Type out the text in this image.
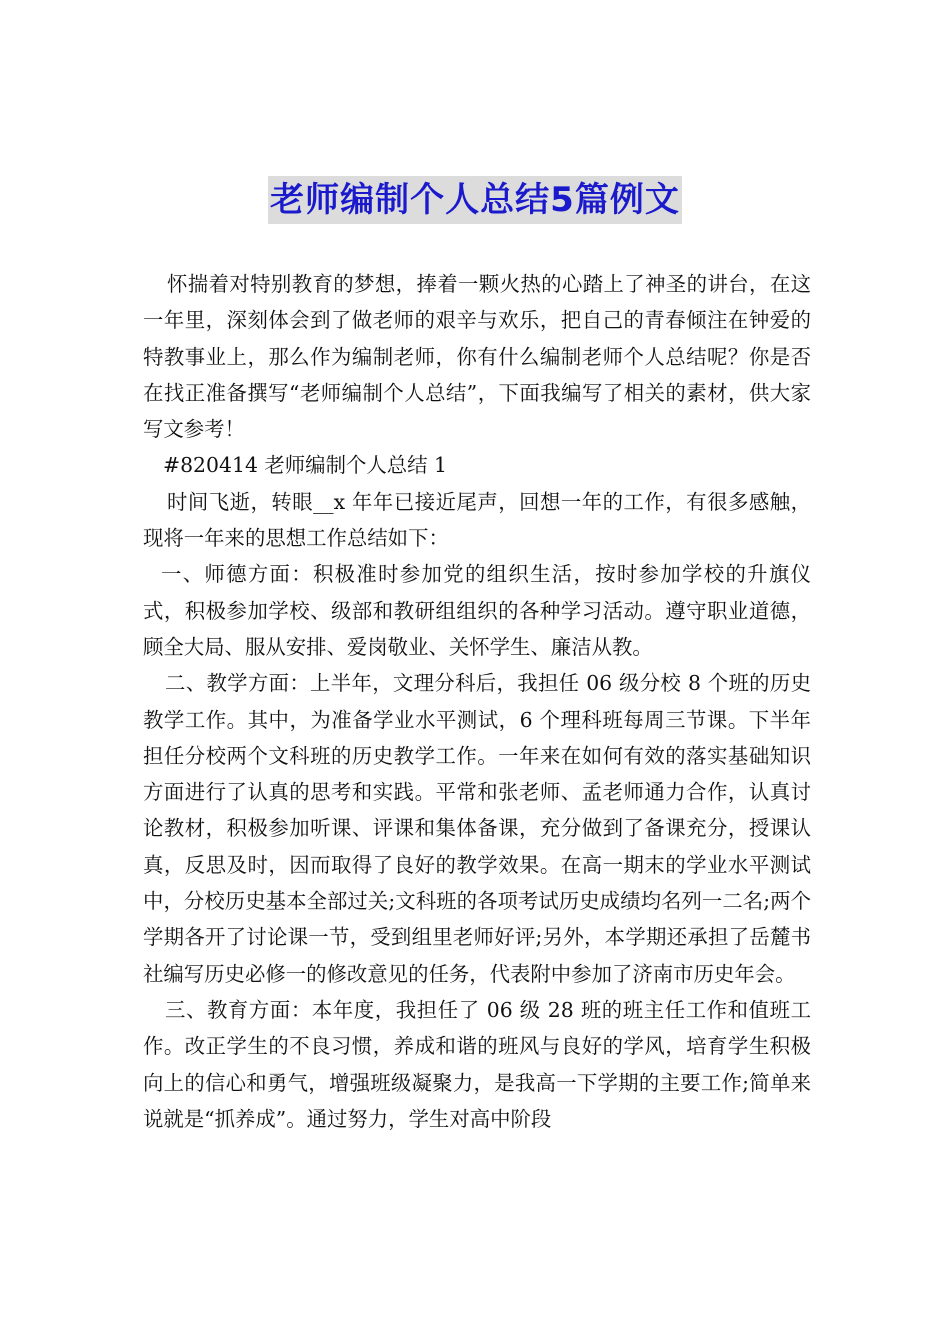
老师编制个人总结5篇例文

怀揣着对特别教育的梦想，捧着一颗火热的心踏上了神圣的讲台，在这一年里，深刻体会到了做老师的艰辛与欢乐，把自己的青春倾注在钟爱的特教事业上，那么作为编制老师，你有什么编制老师个人总结呢？你是否在找正准备撰写“老师编制个人总结”，下面我编写了相关的素材，供大家写文参考！

#820414 老师编制个人总结 1

时间飞逝，转眼__x 年年已接近尾声，回想一年的工作，有很多感触，现将一年来的思想工作总结如下：

一、师德方面：积极准时参加党的组织生活，按时参加学校的升旗仪式，积极参加学校、级部和教研组组织的各种学习活动。遵守职业道德，顾全大局、服从安排、爱岗敬业、关怀学生、廉洁从教。

二、教学方面：上半年，文理分科后，我担任 06 级分校 8 个班的历史教学工作。其中，为准备学业水平测试，6 个理科班每周三节课。下半年担任分校两个文科班的历史教学工作。一年来在如何有效的落实基础知识方面进行了认真的思考和实践。平常和张老师、孟老师通力合作，认真讨论教材，积极参加听课、评课和集体备课，充分做到了备课充分，授课认真，反思及时，因而取得了良好的教学效果。在高一期末的学业水平测试中，分校历史基本全部过关;文科班的各项考试历史成绩均名列一二名;两个学期各开了讨论课一节，受到组里老师好评;另外，本学期还承担了岳麓书社编写历史必修一的修改意见的任务，代表附中参加了济南市历史年会。

三、教育方面：本年度，我担任了 06 级 28 班的班主任工作和值班工作。改正学生的不良习惯，养成和谐的班风与良好的学风，培育学生积极向上的信心和勇气，增强班级凝聚力，是我高一下学期的主要工作;简单来说就是“抓养成”。通过努力，学生对高中阶段
